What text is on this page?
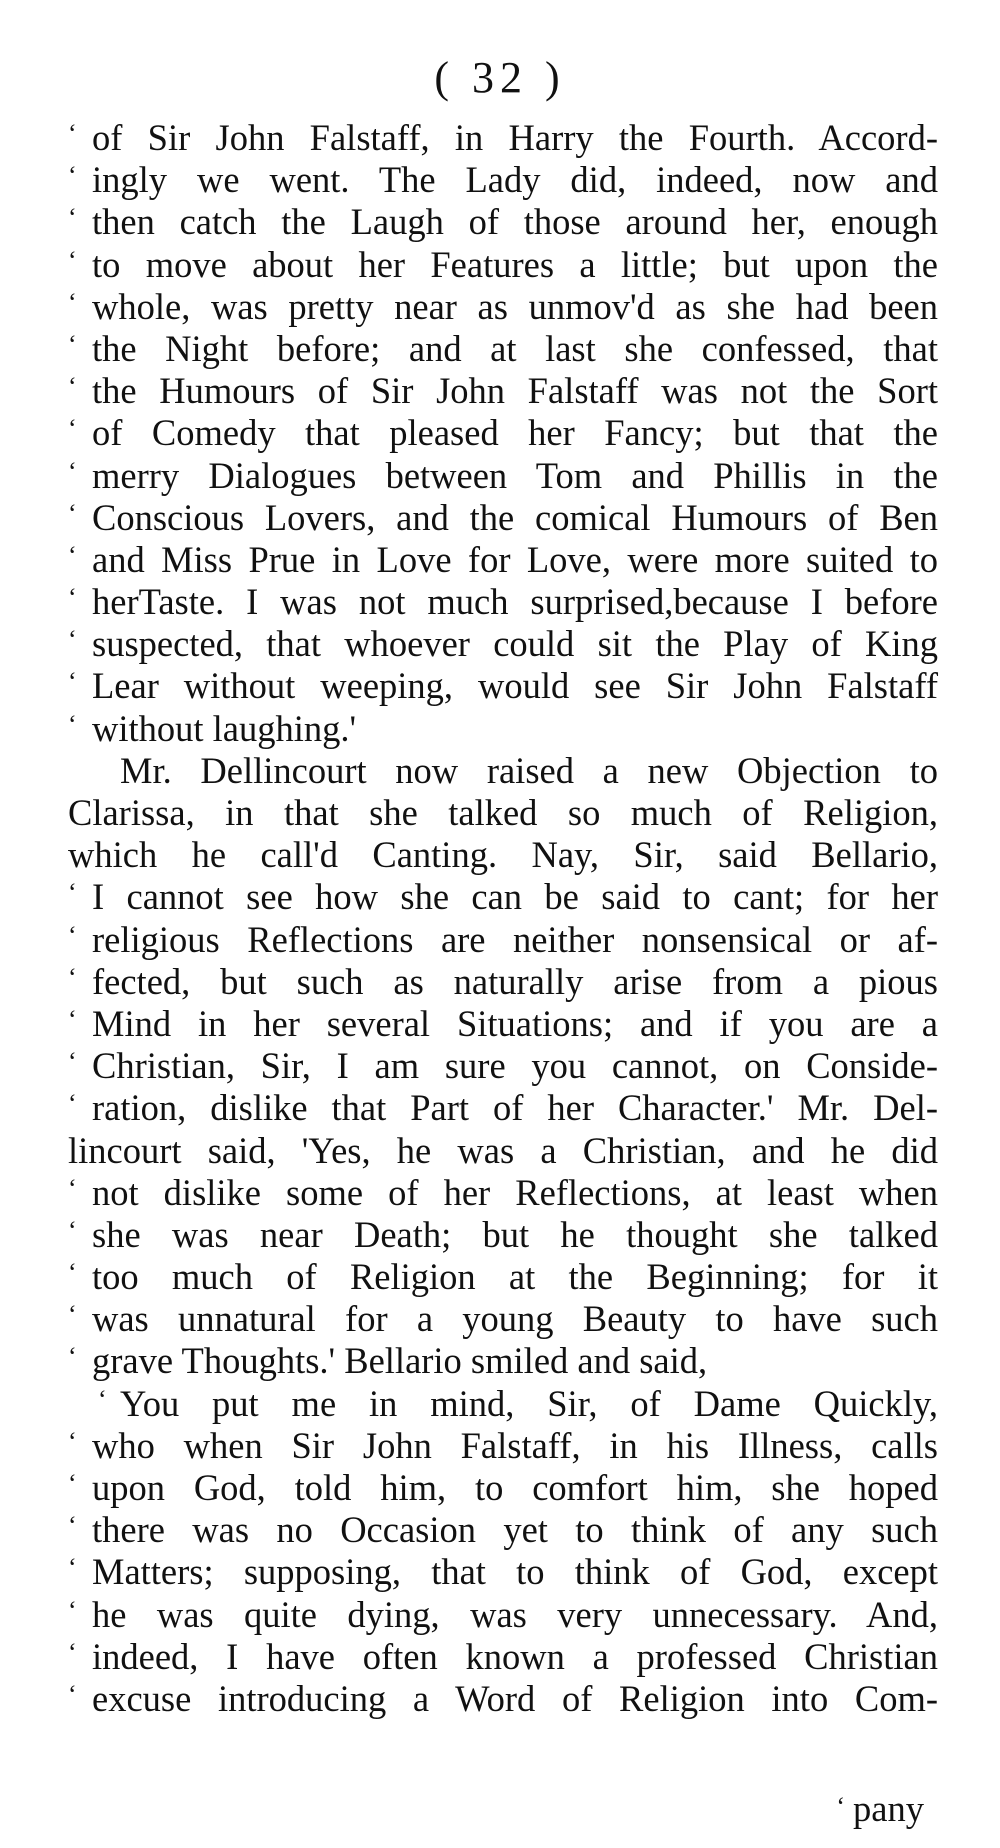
( 32 )
‘ of Sir John Falstaff, in Harry the Fourth. Accord-
‘ ingly we went. The Lady did, indeed, now and
‘ then catch the Laugh of those around her, enough
‘ to move about her Features a little; but upon the
‘ whole, was pretty near as unmov'd as she had been
‘ the Night before; and at last she confessed, that
‘ the Humours of Sir John Falstaff was not the Sort
‘ of Comedy that pleased her Fancy; but that the
‘ merry Dialogues between Tom and Phillis in the
‘ Conscious Lovers, and the comical Humours of Ben
‘ and Miss Prue in Love for Love, were more suited to
‘ herTaste. I was not much surprised,because I before
‘ suspected, that whoever could sit the Play of King
‘ Lear without weeping, would see Sir John Falstaff
‘ without laughing.'
Mr. Dellincourt now raised a new Objection to
Clarissa, in that she talked so much of Religion,
which he call'd Canting. Nay, Sir, said Bellario,
‘ I cannot see how she can be said to cant; for her
‘ religious Reflections are neither nonsensical or af-
‘ fected, but such as naturally arise from a pious
‘ Mind in her several Situations; and if you are a
‘ Christian, Sir, I am sure you cannot, on Conside-
‘ ration, dislike that Part of her Character.' Mr. Del-
lincourt said, 'Yes, he was a Christian, and he did
‘ not dislike some of her Reflections, at least when
‘ she was near Death; but he thought she talked
‘ too much of Religion at the Beginning; for it
‘ was unnatural for a young Beauty to have such
‘ grave Thoughts.' Bellario smiled and said,
‘ You put me in mind, Sir, of Dame Quickly,
‘ who when Sir John Falstaff, in his Illness, calls
‘ upon God, told him, to comfort him, she hoped
‘ there was no Occasion yet to think of any such
‘ Matters; supposing, that to think of God, except
‘ he was quite dying, was very unnecessary. And,
‘ indeed, I have often known a professed Christian
‘ excuse introducing a Word of Religion into Com-
‘ pany
